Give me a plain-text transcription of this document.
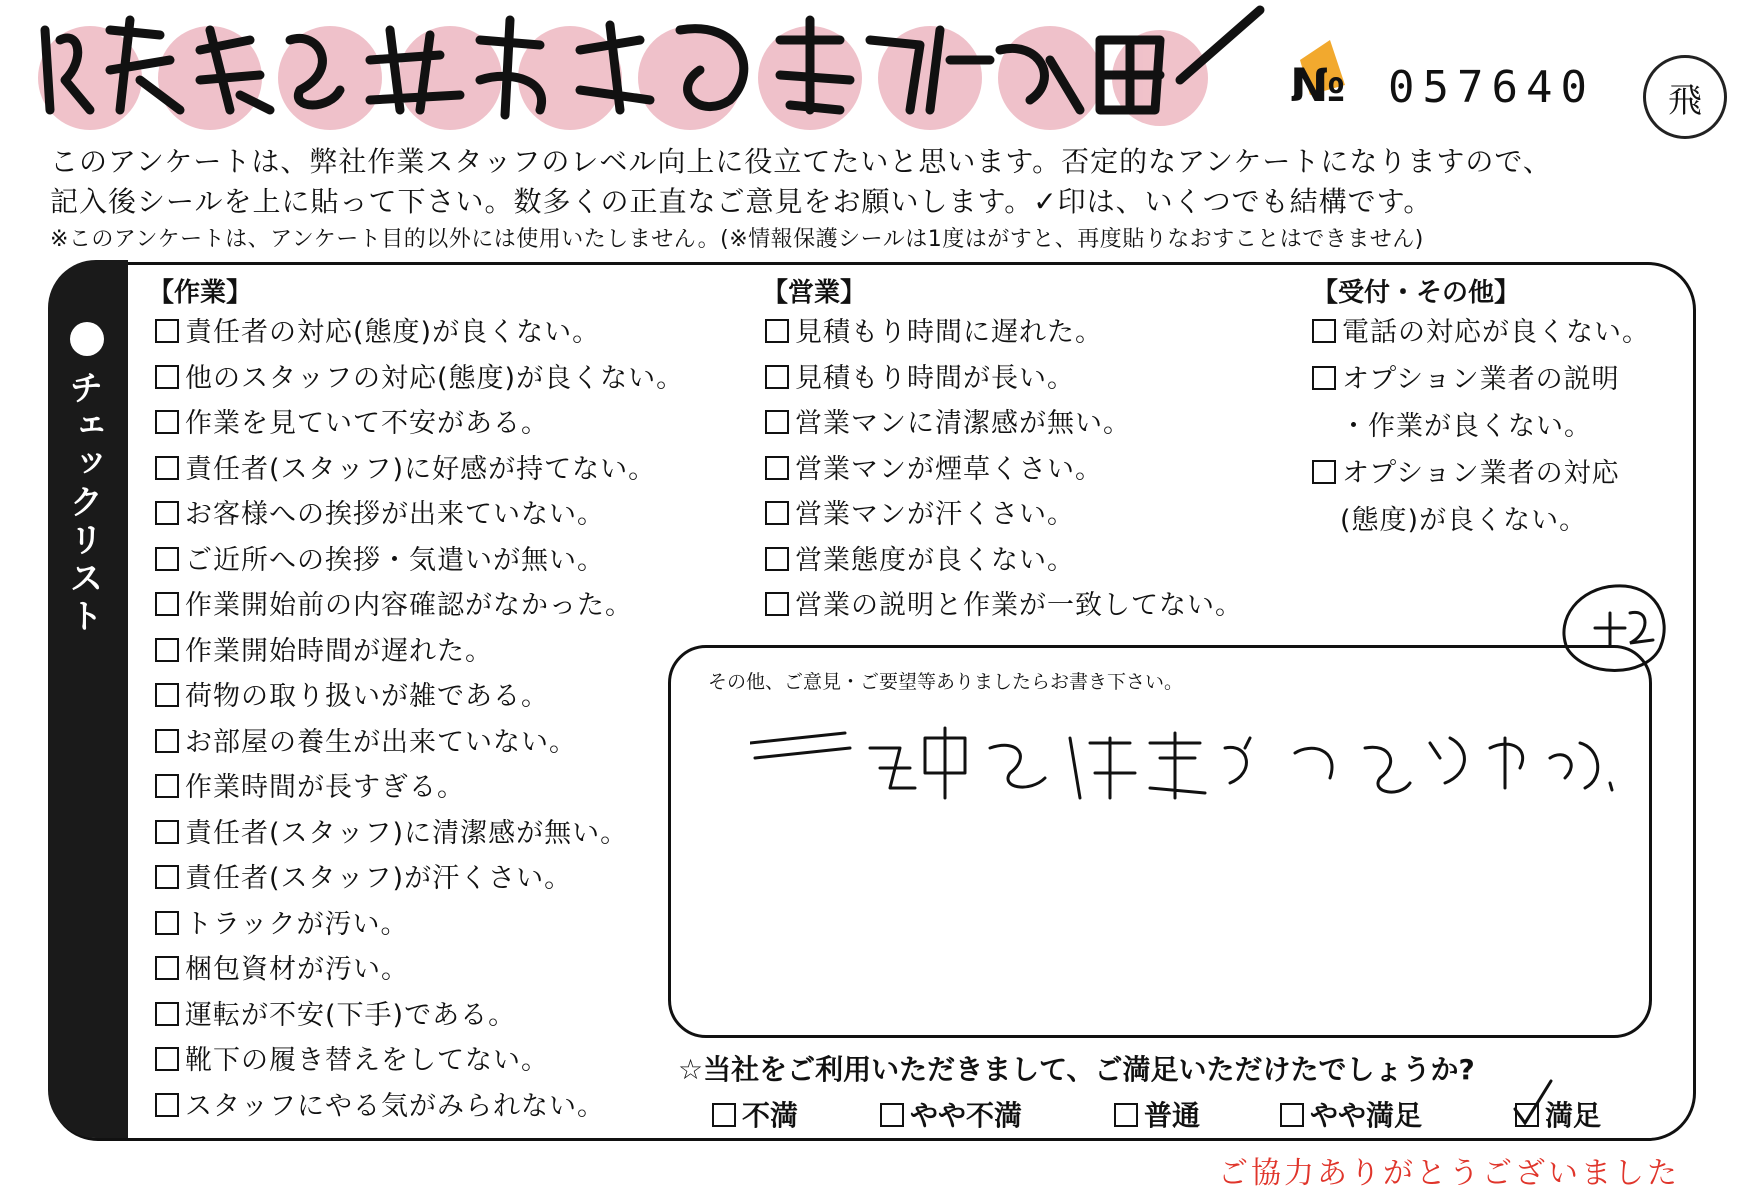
№ 057640	飛
このアンケートは、弊社作業スタッフのレベル向上に役立てたいと思います。否定的なアンケートになりますので、
記入後シールを上に貼って下さい。数多くの正直なご意見をお願いします。✓印は、いくつでも結構です。
※このアンケートは、アンケート目的以外には使用いたしません。(※情報保護シールは1度はがすと、再度貼りなおすことはできません)
チェックリスト
【作業】
責任者の対応(態度)が良くない。
他のスタッフの対応(態度)が良くない。
作業を見ていて不安がある。
責任者(スタッフ)に好感が持てない。
お客様への挨拶が出来ていない。
ご近所への挨拶・気遣いが無い。
作業開始前の内容確認がなかった。
作業開始時間が遅れた。
荷物の取り扱いが雑である。
お部屋の養生が出来ていない。
作業時間が長すぎる。
責任者(スタッフ)に清潔感が無い。
責任者(スタッフ)が汗くさい。
トラックが汚い。
梱包資材が汚い。
運転が不安(下手)である。
靴下の履き替えをしてない。
スタッフにやる気がみられない。
【営業】
見積もり時間に遅れた。
見積もり時間が長い。
営業マンに清潔感が無い。
営業マンが煙草くさい。
営業マンが汗くさい。
営業態度が良くない。
営業の説明と作業が一致してない。
【受付・その他】
電話の対応が良くない。
オプション業者の説明
・作業が良くない。
オプション業者の対応
(態度)が良くない。
その他、ご意見・ご要望等ありましたらお書き下さい。
☆当社をご利用いただきまして、ご満足いただけたでしょうか?
不満	やや不満	普通	やや満足	満足
ご協力ありがとうございました
